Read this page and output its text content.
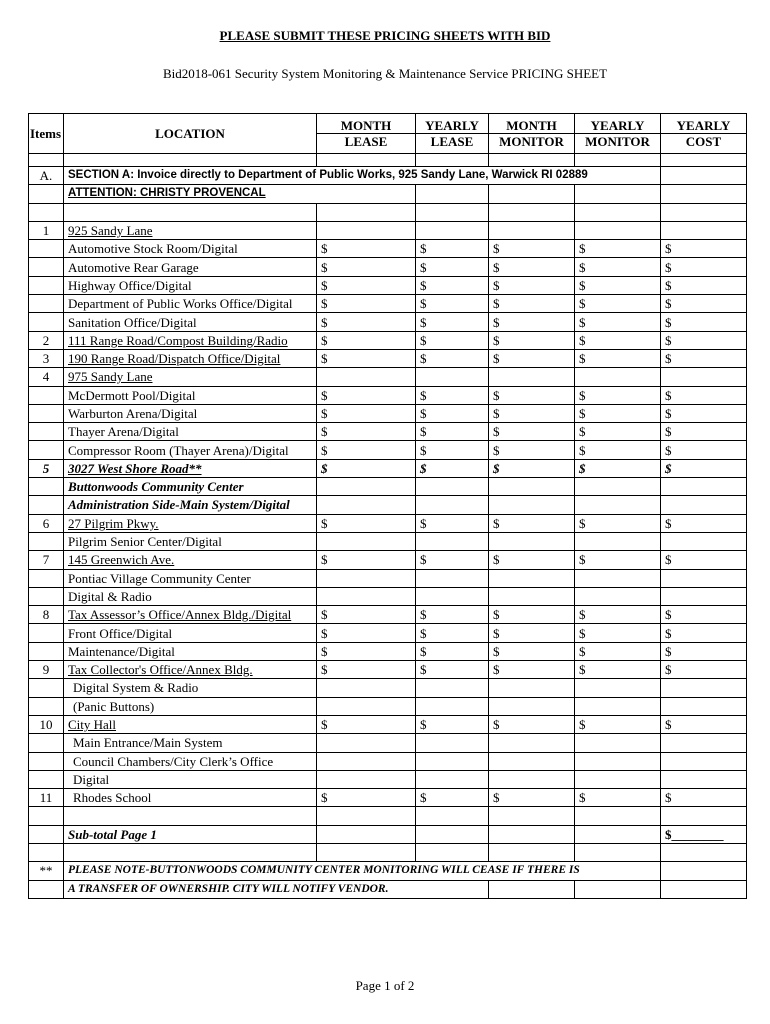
PLEASE SUBMIT THESE PRICING SHEETS WITH BID
Bid2018-061 Security System Monitoring & Maintenance Service PRICING SHEET
Items	LOCATION	MONTH	YEARLY	MONTH	YEARLY	YEARLY
		LEASE	LEASE	MONITOR	MONITOR	COST

A.	SECTION A: Invoice directly to Department of Public Works, 925 Sandy Lane, Warwick RI 02889					
	ATTENTION: CHRISTY PROVENCAL					

1	925 Sandy Lane					
	Automotive Stock Room/Digital	$	$	$	$	$
	Automotive Rear Garage	$	$	$	$	$
	Highway Office/Digital	$	$	$	$	$
	Department of Public Works Office/Digital	$	$	$	$	$
	Sanitation Office/Digital	$	$	$	$	$
2	111 Range Road/Compost Building/Radio	$	$	$	$	$
3	190 Range Road/Dispatch Office/Digital	$	$	$	$	$
4	975 Sandy Lane					
	McDermott Pool/Digital	$	$	$	$	$
	Warburton Arena/Digital	$	$	$	$	$
	Thayer Arena/Digital	$	$	$	$	$
	Compressor Room (Thayer Arena)/Digital	$	$	$	$	$
5	3027 West Shore Road**	$	$	$	$	$
	Buttonwoods Community Center					
	Administration Side-Main System/Digital					
6	27 Pilgrim Pkwy.	$	$	$	$	$
	Pilgrim Senior Center/Digital					
7	145 Greenwich Ave.	$	$	$	$	$
	Pontiac Village Community Center					
	Digital & Radio					
8	Tax Assessor’s Office/Annex Bldg./Digital	$	$	$	$	$
	Front Office/Digital	$	$	$	$	$
	Maintenance/Digital	$	$	$	$	$
9	Tax Collector's Office/Annex Bldg.	$	$	$	$	$
	Digital System & Radio					
	(Panic Buttons)					
10	City Hall	$	$	$	$	$
	Main Entrance/Main System					
	Council Chambers/City Clerk’s Office					
	Digital					
11	Rhodes School	$	$	$	$	$

	Sub-total Page 1					$________

**	PLEASE NOTE-BUTTONWOODS COMMUNITY CENTER MONITORING WILL CEASE IF THERE IS					
	A TRANSFER OF OWNERSHIP. CITY WILL NOTIFY VENDOR.					
Page 1 of 2
